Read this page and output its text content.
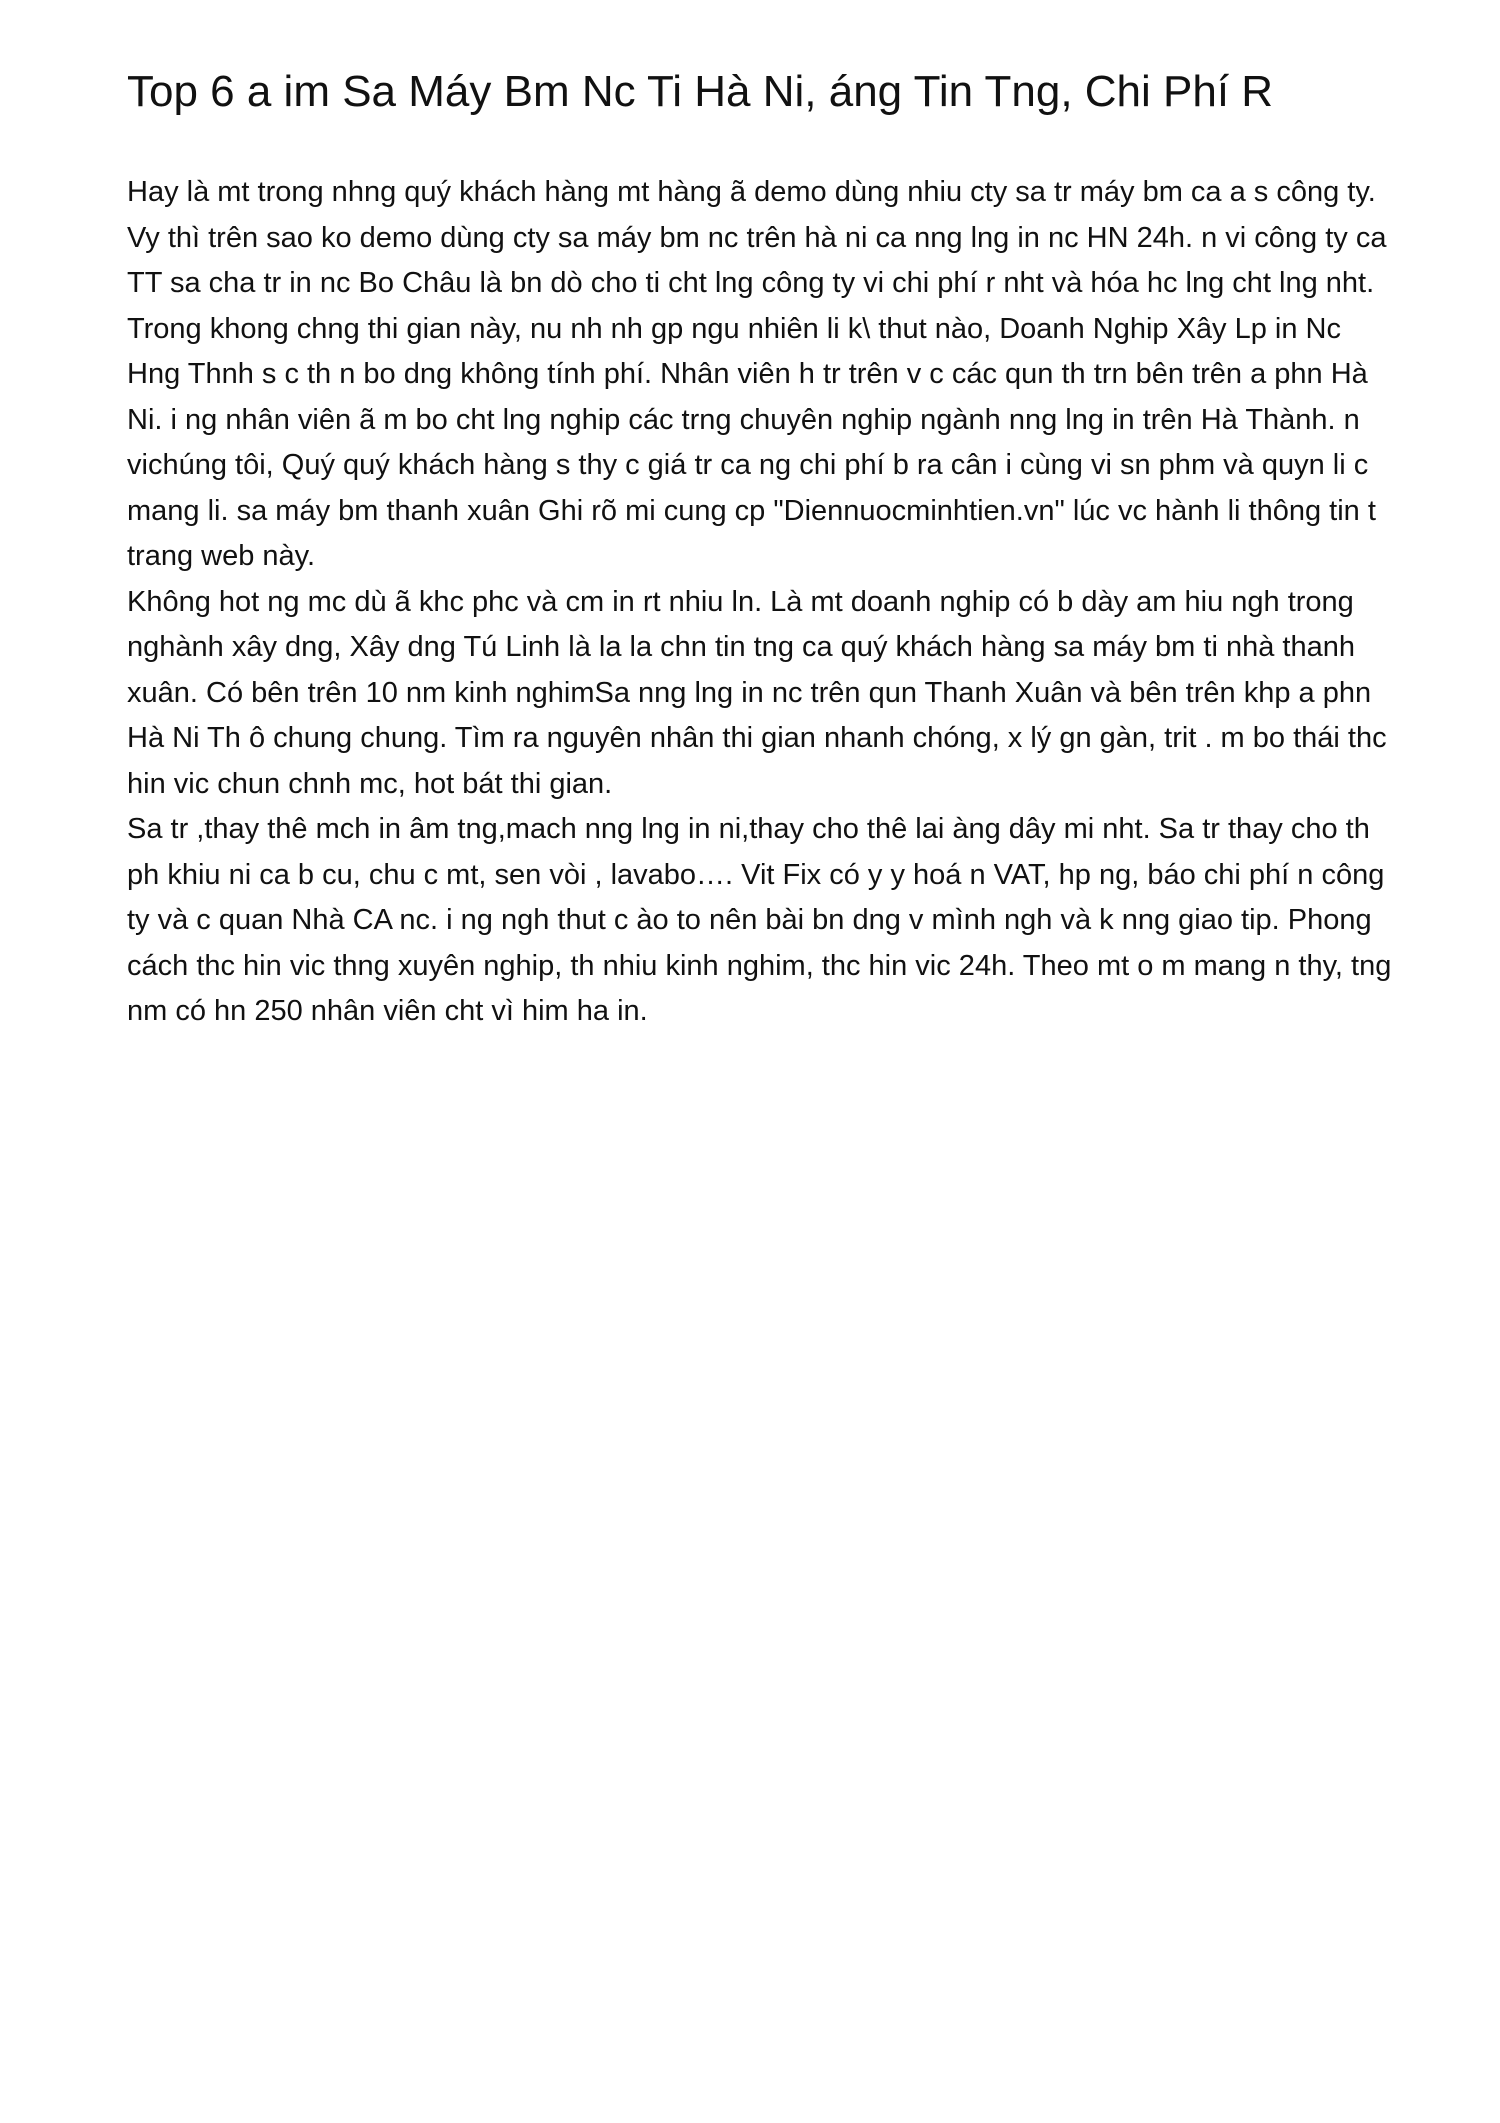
Top 6 a im Sa Máy Bm Nc Ti Hà Ni, áng Tin Tng, Chi Phí R

Hay là mt trong nhng quý khách hàng mt hàng ã demo dùng nhiu cty sa tr máy bm ca a s công ty. Vy thì trên sao ko demo dùng cty sa máy bm nc trên hà ni ca nng lng in nc HN 24h. n vi công ty ca TT sa cha tr in nc Bo Châu là bn dò cho ti cht lng công ty vi chi phí r nht và hóa hc lng cht lng nht.

Trong khong chng thi gian này, nu nh nh gp ngu nhiên li k\ thut nào, Doanh Nghip Xây Lp in Nc Hng Thnh s c th n bo dng không tính phí. Nhân viên h tr trên v c các qun th trn bên trên a phn Hà Ni. i ng nhân viên ã m bo cht lng nghip các trng chuyên nghip ngành nng lng in trên Hà Thành. n vichúng tôi, Quý quý khách hàng s thy c giá tr ca ng chi phí b ra cân i cùng vi sn phm và quyn li c mang li. sa máy bm thanh xuân Ghi rõ mi cung cp "Diennuocminhtien.vn" lúc vc hành li thông tin t trang web này.

Không hot ng mc dù ã khc phc và cm in rt nhiu ln. Là mt doanh nghip có b dày am hiu ngh trong nghành xây dng, Xây dng Tú Linh là la la chn tin tng ca quý khách hàng sa máy bm ti nhà thanh xuân. Có bên trên 10 nm kinh nghimSa nng lng in nc trên qun Thanh Xuân và bên trên khp a phn Hà Ni Th ô chung chung. Tìm ra nguyên nhân thi gian nhanh chóng, x lý gn gàn, trit . m bo thái thc hin vic chun chnh mc, hot bát thi gian.

Sa tr ,thay thê mch in âm tng,mach nng lng in ni,thay cho thê lai àng dây mi nht. Sa tr thay cho th ph khiu ni ca b cu, chu c mt, sen vòi , lavabo…. Vit Fix có y y hoá n VAT, hp ng, báo chi phí n công ty và c quan Nhà CA nc. i ng ngh thut c ào to nên bài bn dng v mình ngh và k nng giao tip. Phong cách thc hin vic thng xuyên nghip, th nhiu kinh nghim, thc hin vic 24h. Theo mt o m mang n thy, tng nm có hn 250 nhân viên cht vì him ha in.
